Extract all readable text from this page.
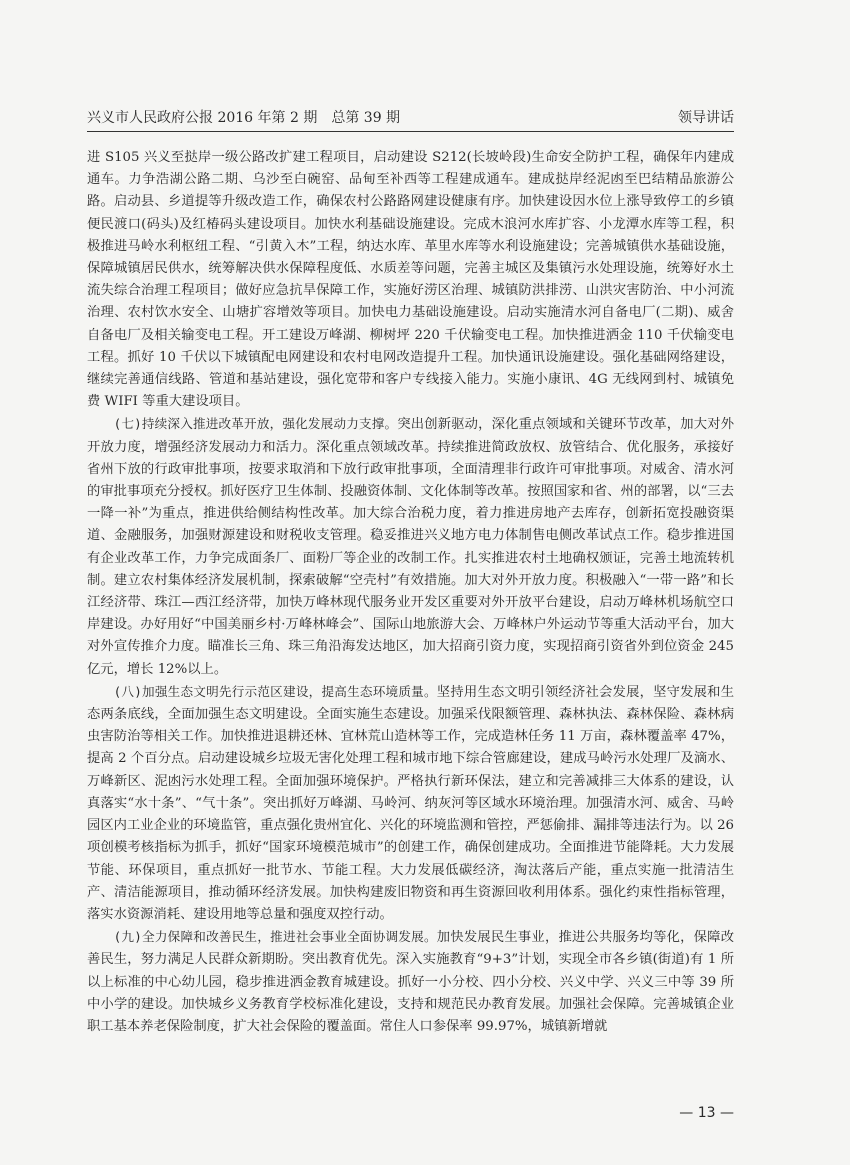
兴义市人民政府公报 2016 年第 2 期　总第 39 期	领导讲话

进 S105 兴义至挞岸一级公路改扩建工程项目，启动建设 S212(长坡岭段)生命安全防护工程，确保年内建成通车。力争浩湖公路二期、乌沙至白碗窑、品甸至补西等工程建成通车。建成挞岸经泥凼至巴结精品旅游公路。启动县、乡道提等升级改造工作，确保农村公路路网建设健康有序。加快建设因水位上涨导致停工的乡镇便民渡口(码头)及红椿码头建设项目。加快水利基础设施建设。完成木浪河水库扩容、小龙潭水库等工程，积极推进马岭水利枢纽工程、“引黄入木”工程，纳达水库、革里水库等水利设施建设；完善城镇供水基础设施，保障城镇居民供水，统筹解决供水保障程度低、水质差等问题，完善主城区及集镇污水处理设施，统筹好水土流失综合治理工程项目；做好应急抗旱保障工作，实施好涝区治理、城镇防洪排涝、山洪灾害防治、中小河流治理、农村饮水安全、山塘扩容增效等项目。加快电力基础设施建设。启动实施清水河自备电厂(二期)、威舍自备电厂及相关输变电工程。开工建设万峰湖、柳树坪 220 千伏输变电工程。加快推进洒金 110 千伏输变电工程。抓好 10 千伏以下城镇配电网建设和农村电网改造提升工程。加快通讯设施建设。强化基础网络建设，继续完善通信线路、管道和基站建设，强化宽带和客户专线接入能力。实施小康讯、4G 无线网到村、城镇免费 WIFI 等重大建设项目。

(七)持续深入推进改革开放，强化发展动力支撑。突出创新驱动，深化重点领域和关键环节改革，加大对外开放力度，增强经济发展动力和活力。深化重点领域改革。持续推进简政放权、放管结合、优化服务，承接好省州下放的行政审批事项，按要求取消和下放行政审批事项，全面清理非行政许可审批事项。对威舍、清水河的审批事项充分授权。抓好医疗卫生体制、投融资体制、文化体制等改革。按照国家和省、州的部署，以“三去一降一补”为重点，推进供给侧结构性改革。加大综合治税力度，着力推进房地产去库存，创新拓宽投融资渠道、金融服务，加强财源建设和财税收支管理。稳妥推进兴义地方电力体制售电侧改革试点工作。稳步推进国有企业改革工作，力争完成面条厂、面粉厂等企业的改制工作。扎实推进农村土地确权颁证，完善土地流转机制。建立农村集体经济发展机制，探索破解“空壳村”有效措施。加大对外开放力度。积极融入“一带一路”和长江经济带、珠江—西江经济带，加快万峰林现代服务业开发区重要对外开放平台建设，启动万峰林机场航空口岸建设。办好用好“中国美丽乡村·万峰林峰会”、国际山地旅游大会、万峰林户外运动节等重大活动平台，加大对外宣传推介力度。瞄准长三角、珠三角沿海发达地区，加大招商引资力度，实现招商引资省外到位资金 245 亿元，增长 12%以上。

(八)加强生态文明先行示范区建设，提高生态环境质量。坚持用生态文明引领经济社会发展，坚守发展和生态两条底线，全面加强生态文明建设。全面实施生态建设。加强采伐限额管理、森林执法、森林保险、森林病虫害防治等相关工作。加快推进退耕还林、宜林荒山造林等工作，完成造林任务 11 万亩，森林覆盖率 47%，提高 2 个百分点。启动建设城乡垃圾无害化处理工程和城市地下综合管廊建设，建成马岭污水处理厂及滴水、万峰新区、泥凼污水处理工程。全面加强环境保护。严格执行新环保法，建立和完善减排三大体系的建设，认真落实“水十条”、“气十条”。突出抓好万峰湖、马岭河、纳灰河等区域水环境治理。加强清水河、威舍、马岭园区内工业企业的环境监管，重点强化贵州宜化、兴化的环境监测和管控，严惩偷排、漏排等违法行为。以 26 项创模考核指标为抓手，抓好“国家环境模范城市”的创建工作，确保创建成功。全面推进节能降耗。大力发展节能、环保项目，重点抓好一批节水、节能工程。大力发展低碳经济，淘汰落后产能，重点实施一批清洁生产、清洁能源项目，推动循环经济发展。加快构建废旧物资和再生资源回收利用体系。强化约束性指标管理，落实水资源消耗、建设用地等总量和强度双控行动。

(九)全力保障和改善民生，推进社会事业全面协调发展。加快发展民生事业，推进公共服务均等化，保障改善民生，努力满足人民群众新期盼。突出教育优先。深入实施教育“9+3”计划，实现全市各乡镇(街道)有 1 所以上标准的中心幼儿园，稳步推进洒金教育城建设。抓好一小分校、四小分校、兴义中学、兴义三中等 39 所中小学的建设。加快城乡义务教育学校标准化建设，支持和规范民办教育发展。加强社会保障。完善城镇企业职工基本养老保险制度，扩大社会保险的覆盖面。常住人口参保率 99.97%，城镇新增就

— 13 —
